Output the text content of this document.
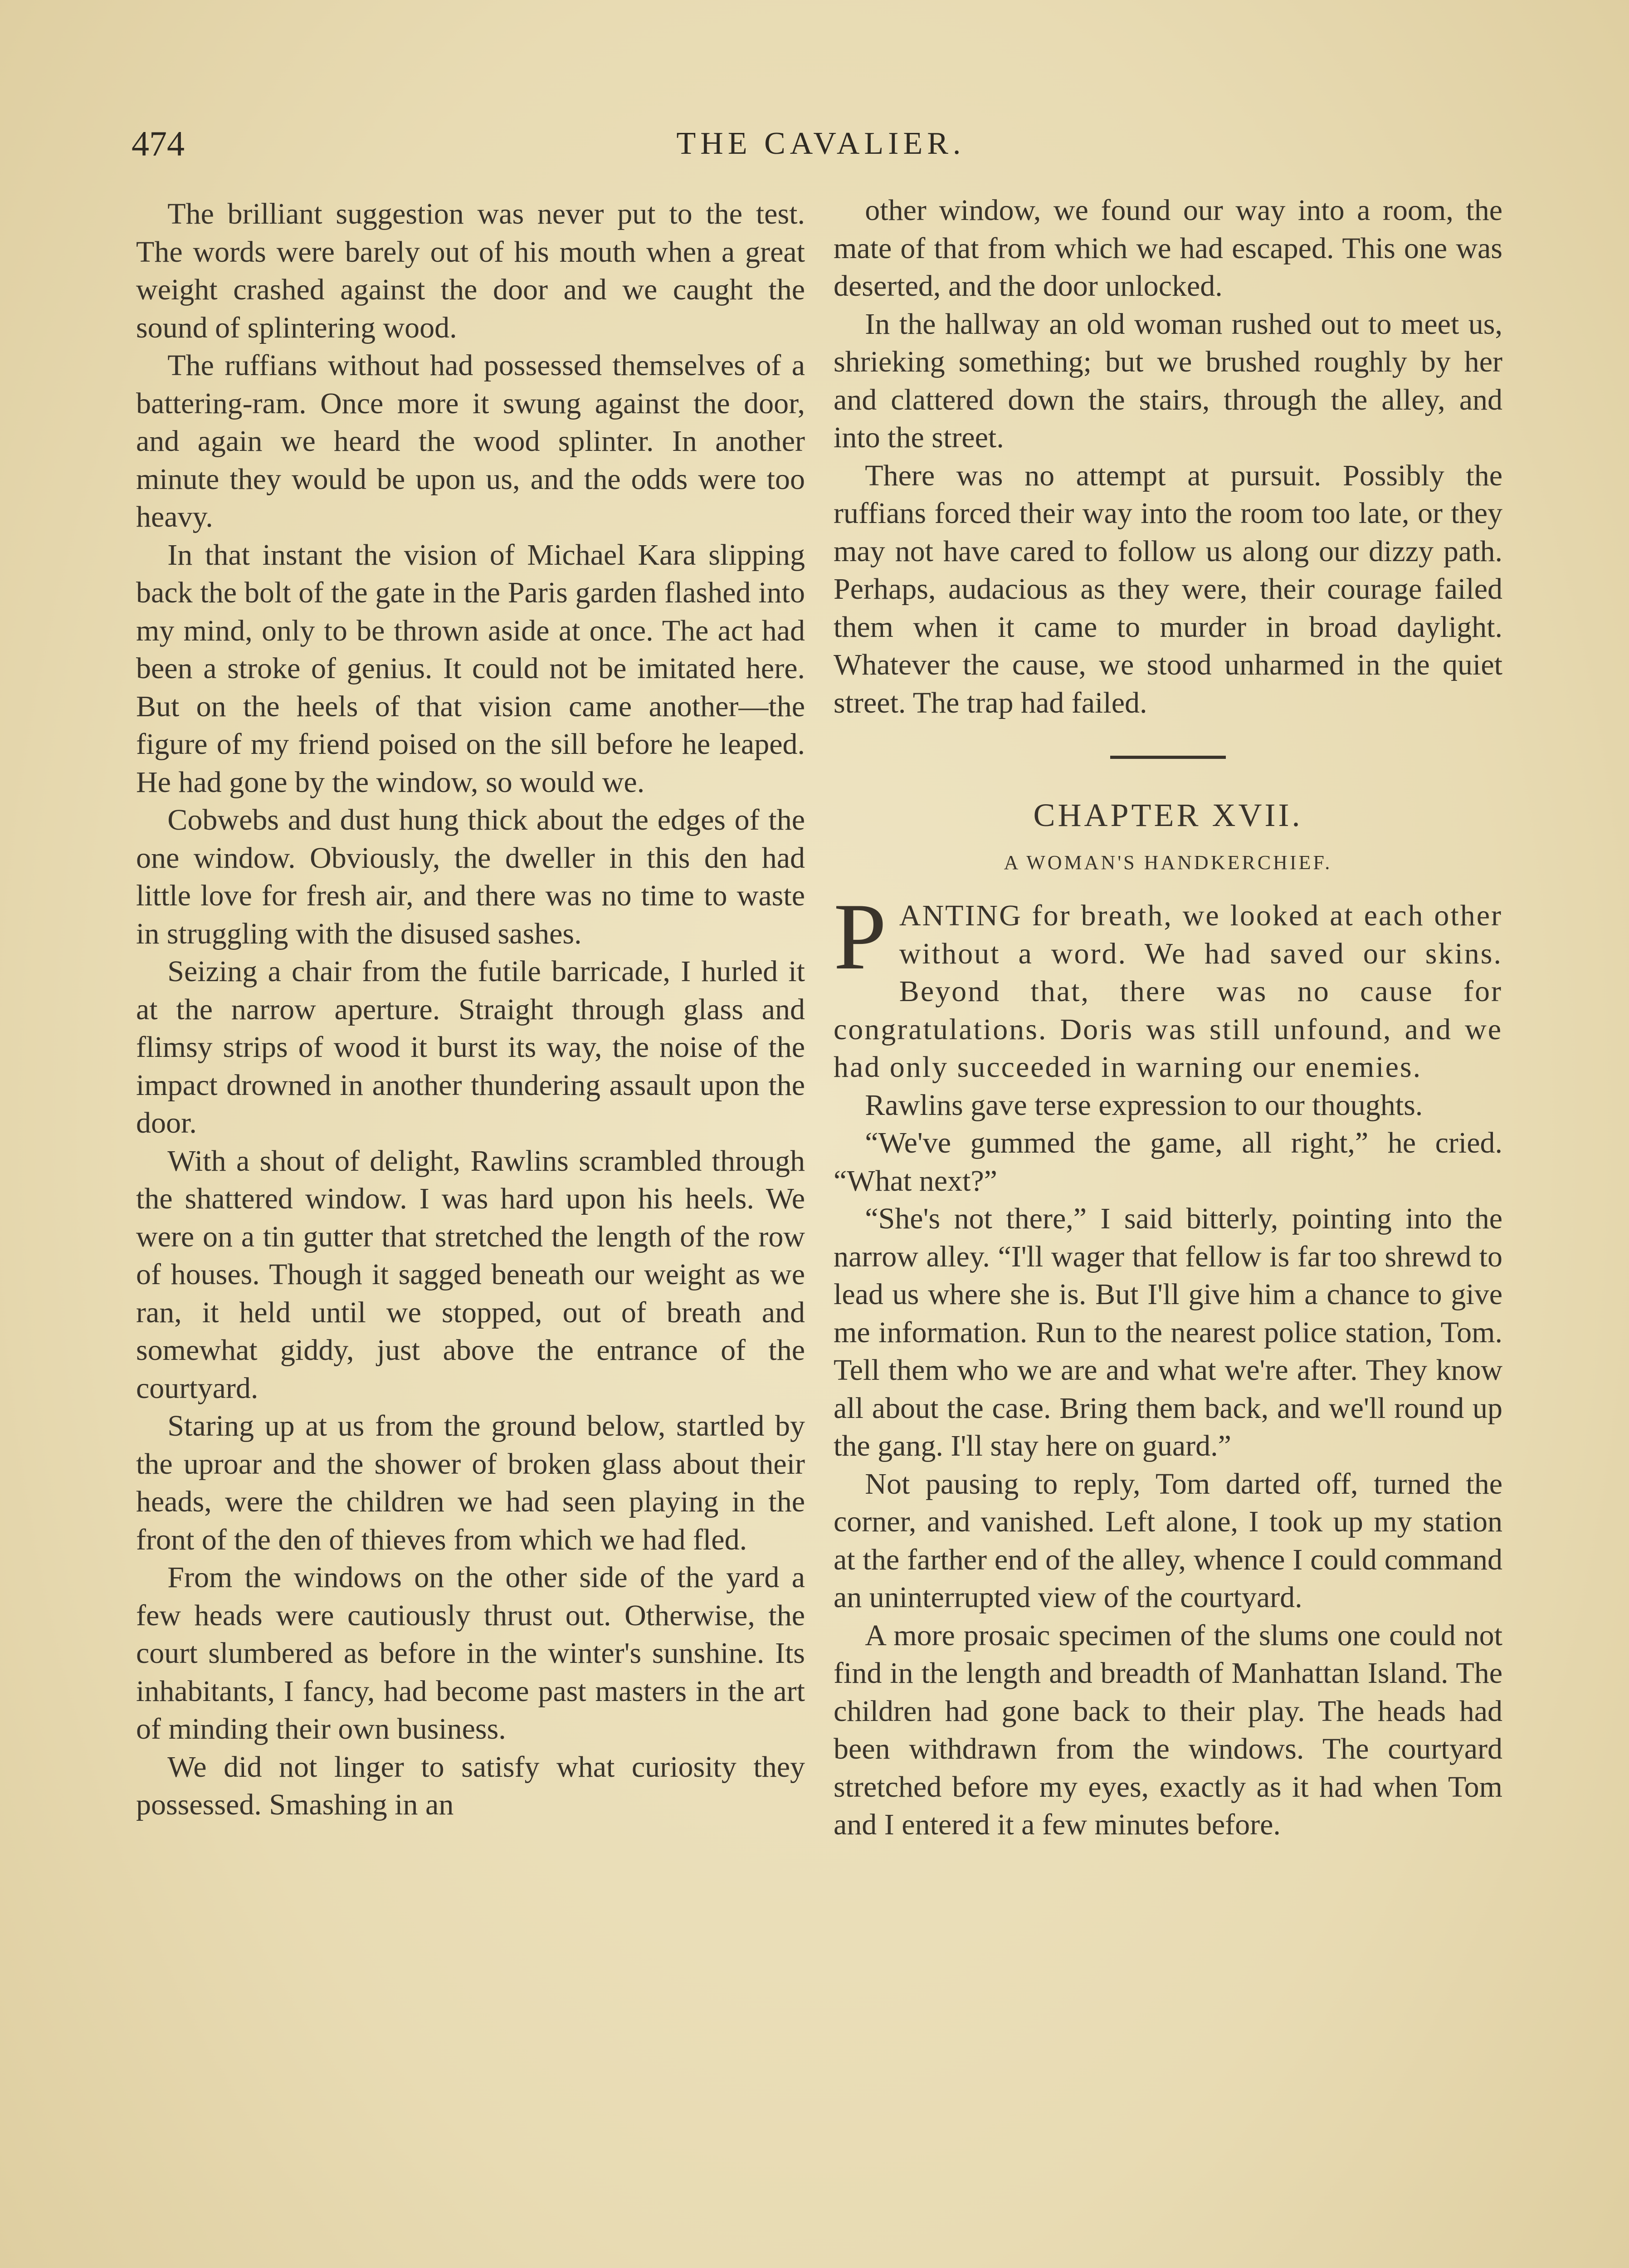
474	THE CAVALIER.

The brilliant suggestion was never put to the test. The words were barely out of his mouth when a great weight crashed against the door and we caught the sound of splintering wood.

The ruffians without had possessed themselves of a battering-ram. Once more it swung against the door, and again we heard the wood splinter. In another minute they would be upon us, and the odds were too heavy.

In that instant the vision of Michael Kara slipping back the bolt of the gate in the Paris garden flashed into my mind, only to be thrown aside at once. The act had been a stroke of genius. It could not be imitated here. But on the heels of that vision came another—the figure of my friend poised on the sill before he leaped. He had gone by the window, so would we.

Cobwebs and dust hung thick about the edges of the one window. Obviously, the dweller in this den had little love for fresh air, and there was no time to waste in struggling with the disused sashes.

Seizing a chair from the futile barricade, I hurled it at the narrow aperture. Straight through glass and flimsy strips of wood it burst its way, the noise of the impact drowned in another thundering assault upon the door.

With a shout of delight, Rawlins scrambled through the shattered window. I was hard upon his heels. We were on a tin gutter that stretched the length of the row of houses. Though it sagged beneath our weight as we ran, it held until we stopped, out of breath and somewhat giddy, just above the entrance of the courtyard.

Staring up at us from the ground below, startled by the uproar and the shower of broken glass about their heads, were the children we had seen playing in the front of the den of thieves from which we had fled.

From the windows on the other side of the yard a few heads were cautiously thrust out. Otherwise, the court slumbered as before in the winter's sunshine. Its inhabitants, I fancy, had become past masters in the art of minding their own business.

We did not linger to satisfy what curiosity they possessed. Smashing in an

other window, we found our way into a room, the mate of that from which we had escaped. This one was deserted, and the door unlocked.

In the hallway an old woman rushed out to meet us, shrieking something; but we brushed roughly by her and clattered down the stairs, through the alley, and into the street.

There was no attempt at pursuit. Possibly the ruffians forced their way into the room too late, or they may not have cared to follow us along our dizzy path. Perhaps, audacious as they were, their courage failed them when it came to murder in broad daylight. Whatever the cause, we stood unharmed in the quiet street. The trap had failed.

CHAPTER XVII.
A WOMAN'S HANDKERCHIEF.

PANTING for breath, we looked at each other without a word. We had saved our skins. Beyond that, there was no cause for congratulations. Doris was still unfound, and we had only succeeded in warning our enemies.

Rawlins gave terse expression to our thoughts.

“We've gummed the game, all right,” he cried. “What next?”

“She's not there,” I said bitterly, pointing into the narrow alley. “I'll wager that fellow is far too shrewd to lead us where she is. But I'll give him a chance to give me information. Run to the nearest police station, Tom. Tell them who we are and what we're after. They know all about the case. Bring them back, and we'll round up the gang. I'll stay here on guard.”

Not pausing to reply, Tom darted off, turned the corner, and vanished. Left alone, I took up my station at the farther end of the alley, whence I could command an uninterrupted view of the courtyard.

A more prosaic specimen of the slums one could not find in the length and breadth of Manhattan Island. The children had gone back to their play. The heads had been withdrawn from the windows. The courtyard stretched before my eyes, exactly as it had when Tom and I entered it a few minutes before.
